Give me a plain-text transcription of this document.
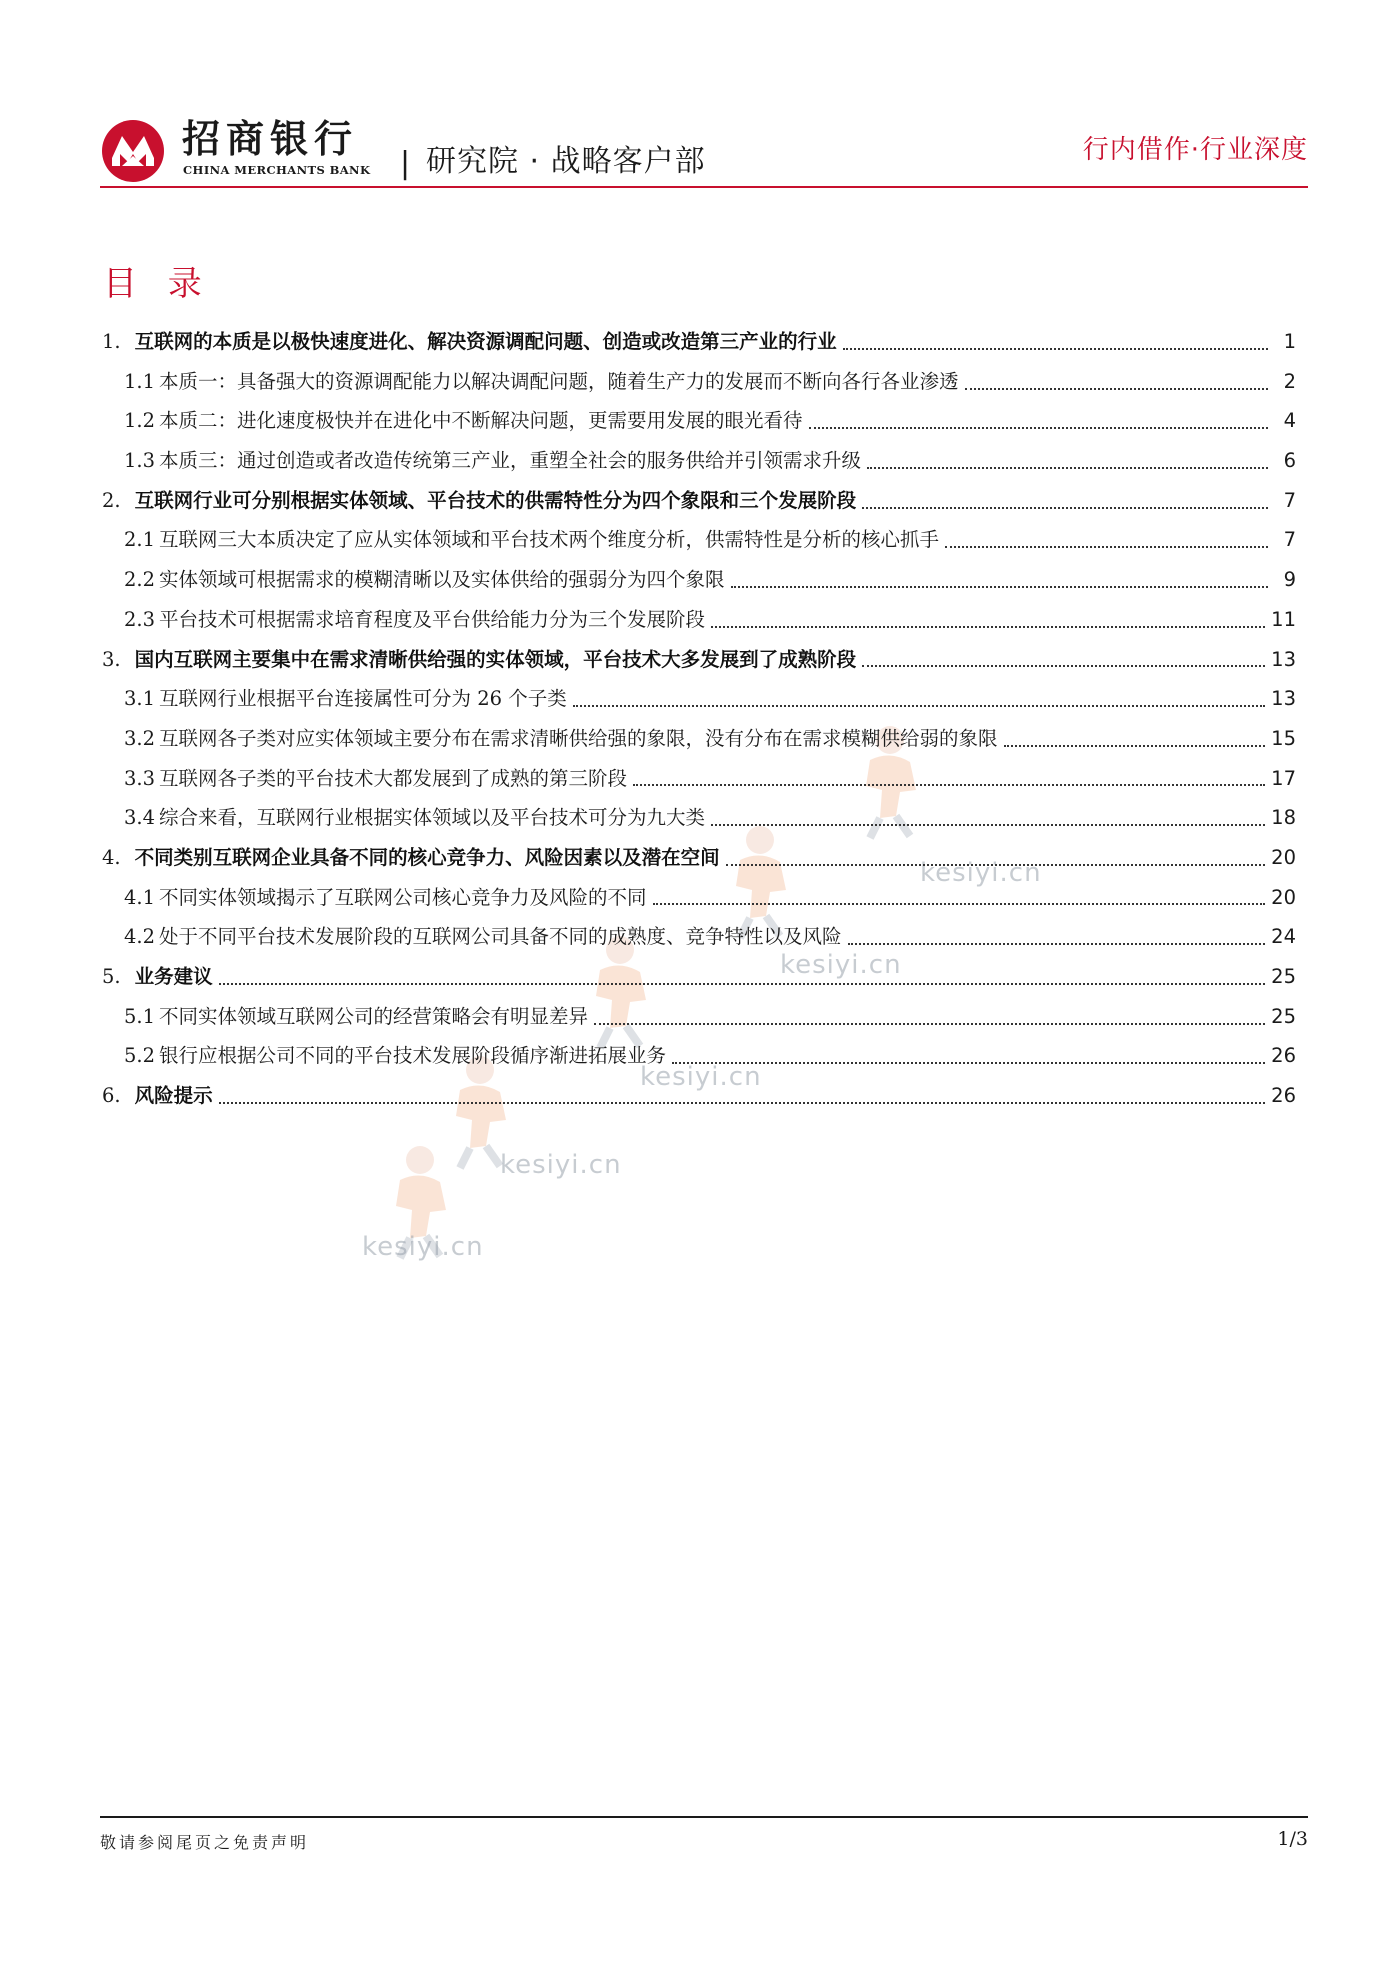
招商银行
CHINA MERCHANTS BANK | 研究院 · 战略客户部	行内借作·行业深度
kesiyi.cn
kesiyi.cn
kesiyi.cn
kesiyi.cn
kesiyi.cn
目 录
1. 互联网的本质是以极快速度进化、解决资源调配问题、创造或改造第三产业的行业	1
1.1 本质一：具备强大的资源调配能力以解决调配问题，随着生产力的发展而不断向各行各业渗透	2
1.2 本质二：进化速度极快并在进化中不断解决问题，更需要用发展的眼光看待	4
1.3 本质三：通过创造或者改造传统第三产业，重塑全社会的服务供给并引领需求升级	6
2. 互联网行业可分别根据实体领域、平台技术的供需特性分为四个象限和三个发展阶段	7
2.1 互联网三大本质决定了应从实体领域和平台技术两个维度分析，供需特性是分析的核心抓手	7
2.2 实体领域可根据需求的模糊清晰以及实体供给的强弱分为四个象限	9
2.3 平台技术可根据需求培育程度及平台供给能力分为三个发展阶段	11
3. 国内互联网主要集中在需求清晰供给强的实体领域，平台技术大多发展到了成熟阶段	13
3.1 互联网行业根据平台连接属性可分为 26 个子类	13
3.2 互联网各子类对应实体领域主要分布在需求清晰供给强的象限，没有分布在需求模糊供给弱的象限	15
3.3 互联网各子类的平台技术大都发展到了成熟的第三阶段	17
3.4 综合来看，互联网行业根据实体领域以及平台技术可分为九大类	18
4. 不同类别互联网企业具备不同的核心竞争力、风险因素以及潜在空间	20
4.1 不同实体领域揭示了互联网公司核心竞争力及风险的不同	20
4.2 处于不同平台技术发展阶段的互联网公司具备不同的成熟度、竞争特性以及风险	24
5. 业务建议	25
5.1 不同实体领域互联网公司的经营策略会有明显差异	25
5.2 银行应根据公司不同的平台技术发展阶段循序渐进拓展业务	26
6. 风险提示	26
敬请参阅尾页之免责声明	1/3
